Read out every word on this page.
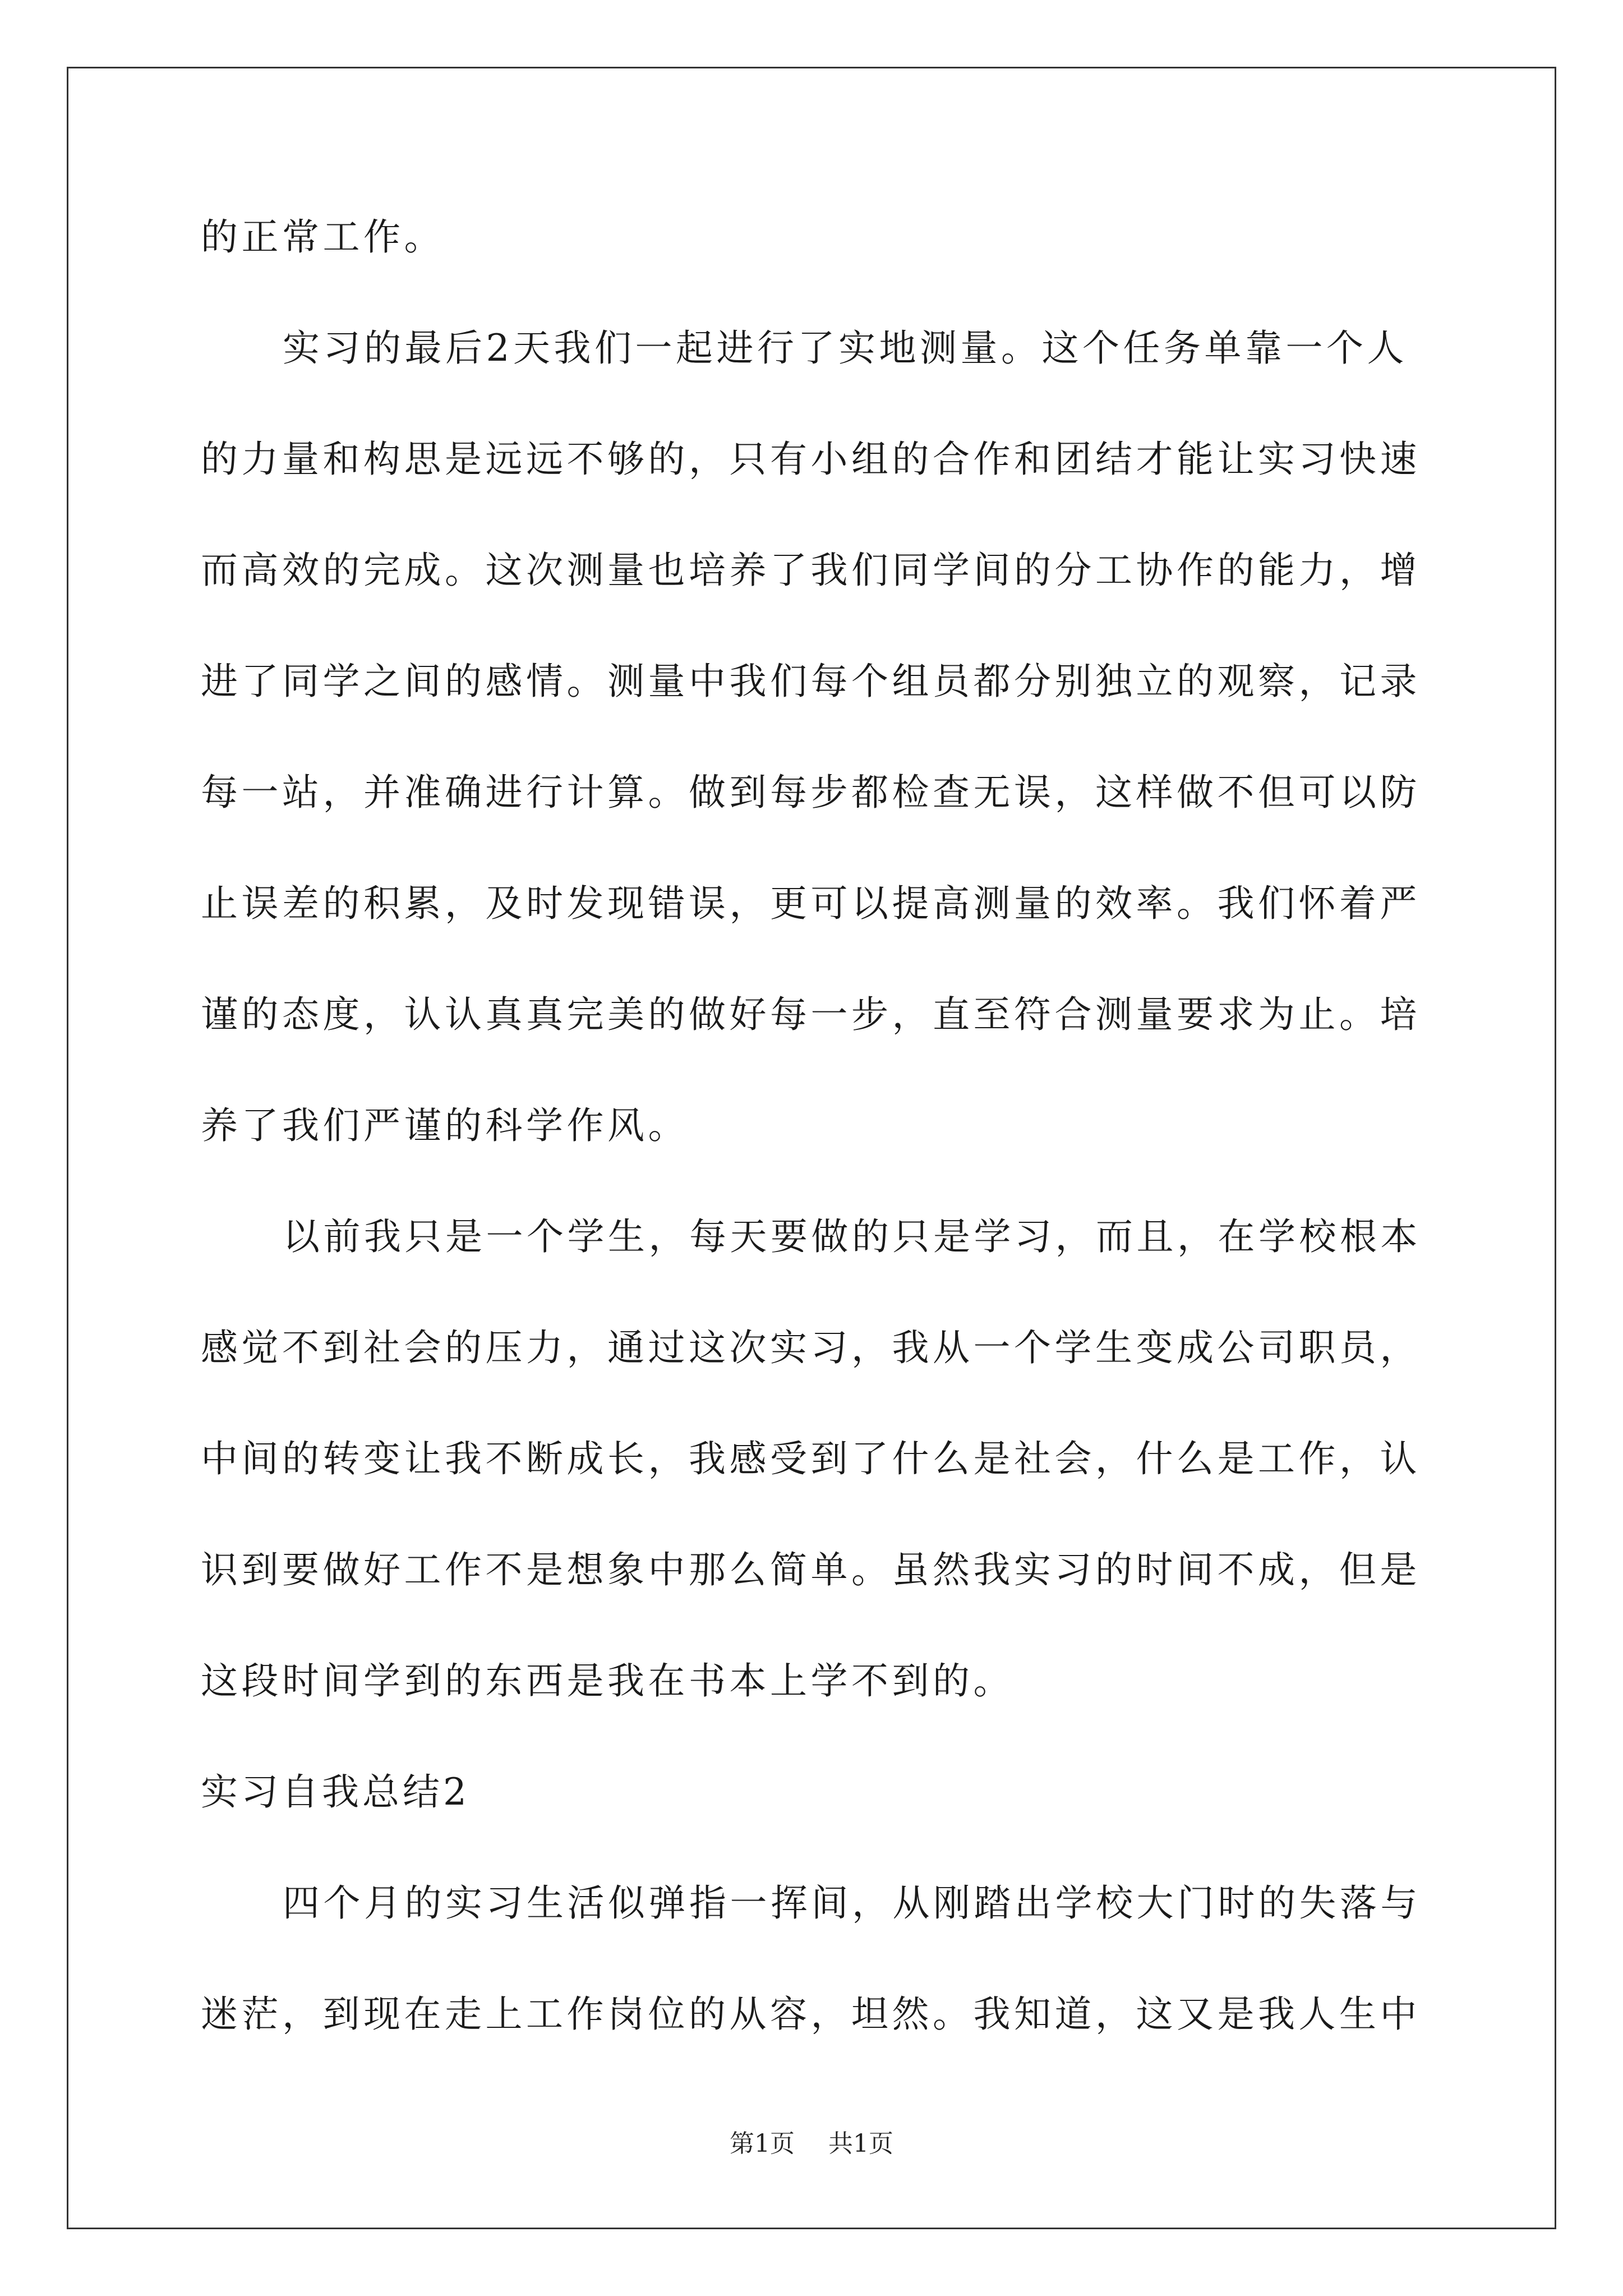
的正常工作。
实习的最后2天我们一起进行了实地测量。这个任务单靠一个人
的力量和构思是远远不够的，只有小组的合作和团结才能让实习快速
而高效的完成。这次测量也培养了我们同学间的分工协作的能力，增
进了同学之间的感情。测量中我们每个组员都分别独立的观察，记录
每一站，并准确进行计算。做到每步都检查无误，这样做不但可以防
止误差的积累，及时发现错误，更可以提高测量的效率。我们怀着严
谨的态度，认认真真完美的做好每一步，直至符合测量要求为止。培
养了我们严谨的科学作风。
以前我只是一个学生，每天要做的只是学习，而且，在学校根本
感觉不到社会的压力，通过这次实习，我从一个学生变成公司职员，
中间的转变让我不断成长，我感受到了什么是社会，什么是工作，认
识到要做好工作不是想象中那么简单。虽然我实习的时间不成，但是
这段时间学到的东西是我在书本上学不到的。
实习自我总结2
四个月的实习生活似弹指一挥间，从刚踏出学校大门时的失落与
迷茫，到现在走上工作岗位的从容，坦然。我知道，这又是我人生中
第1页 共1页
